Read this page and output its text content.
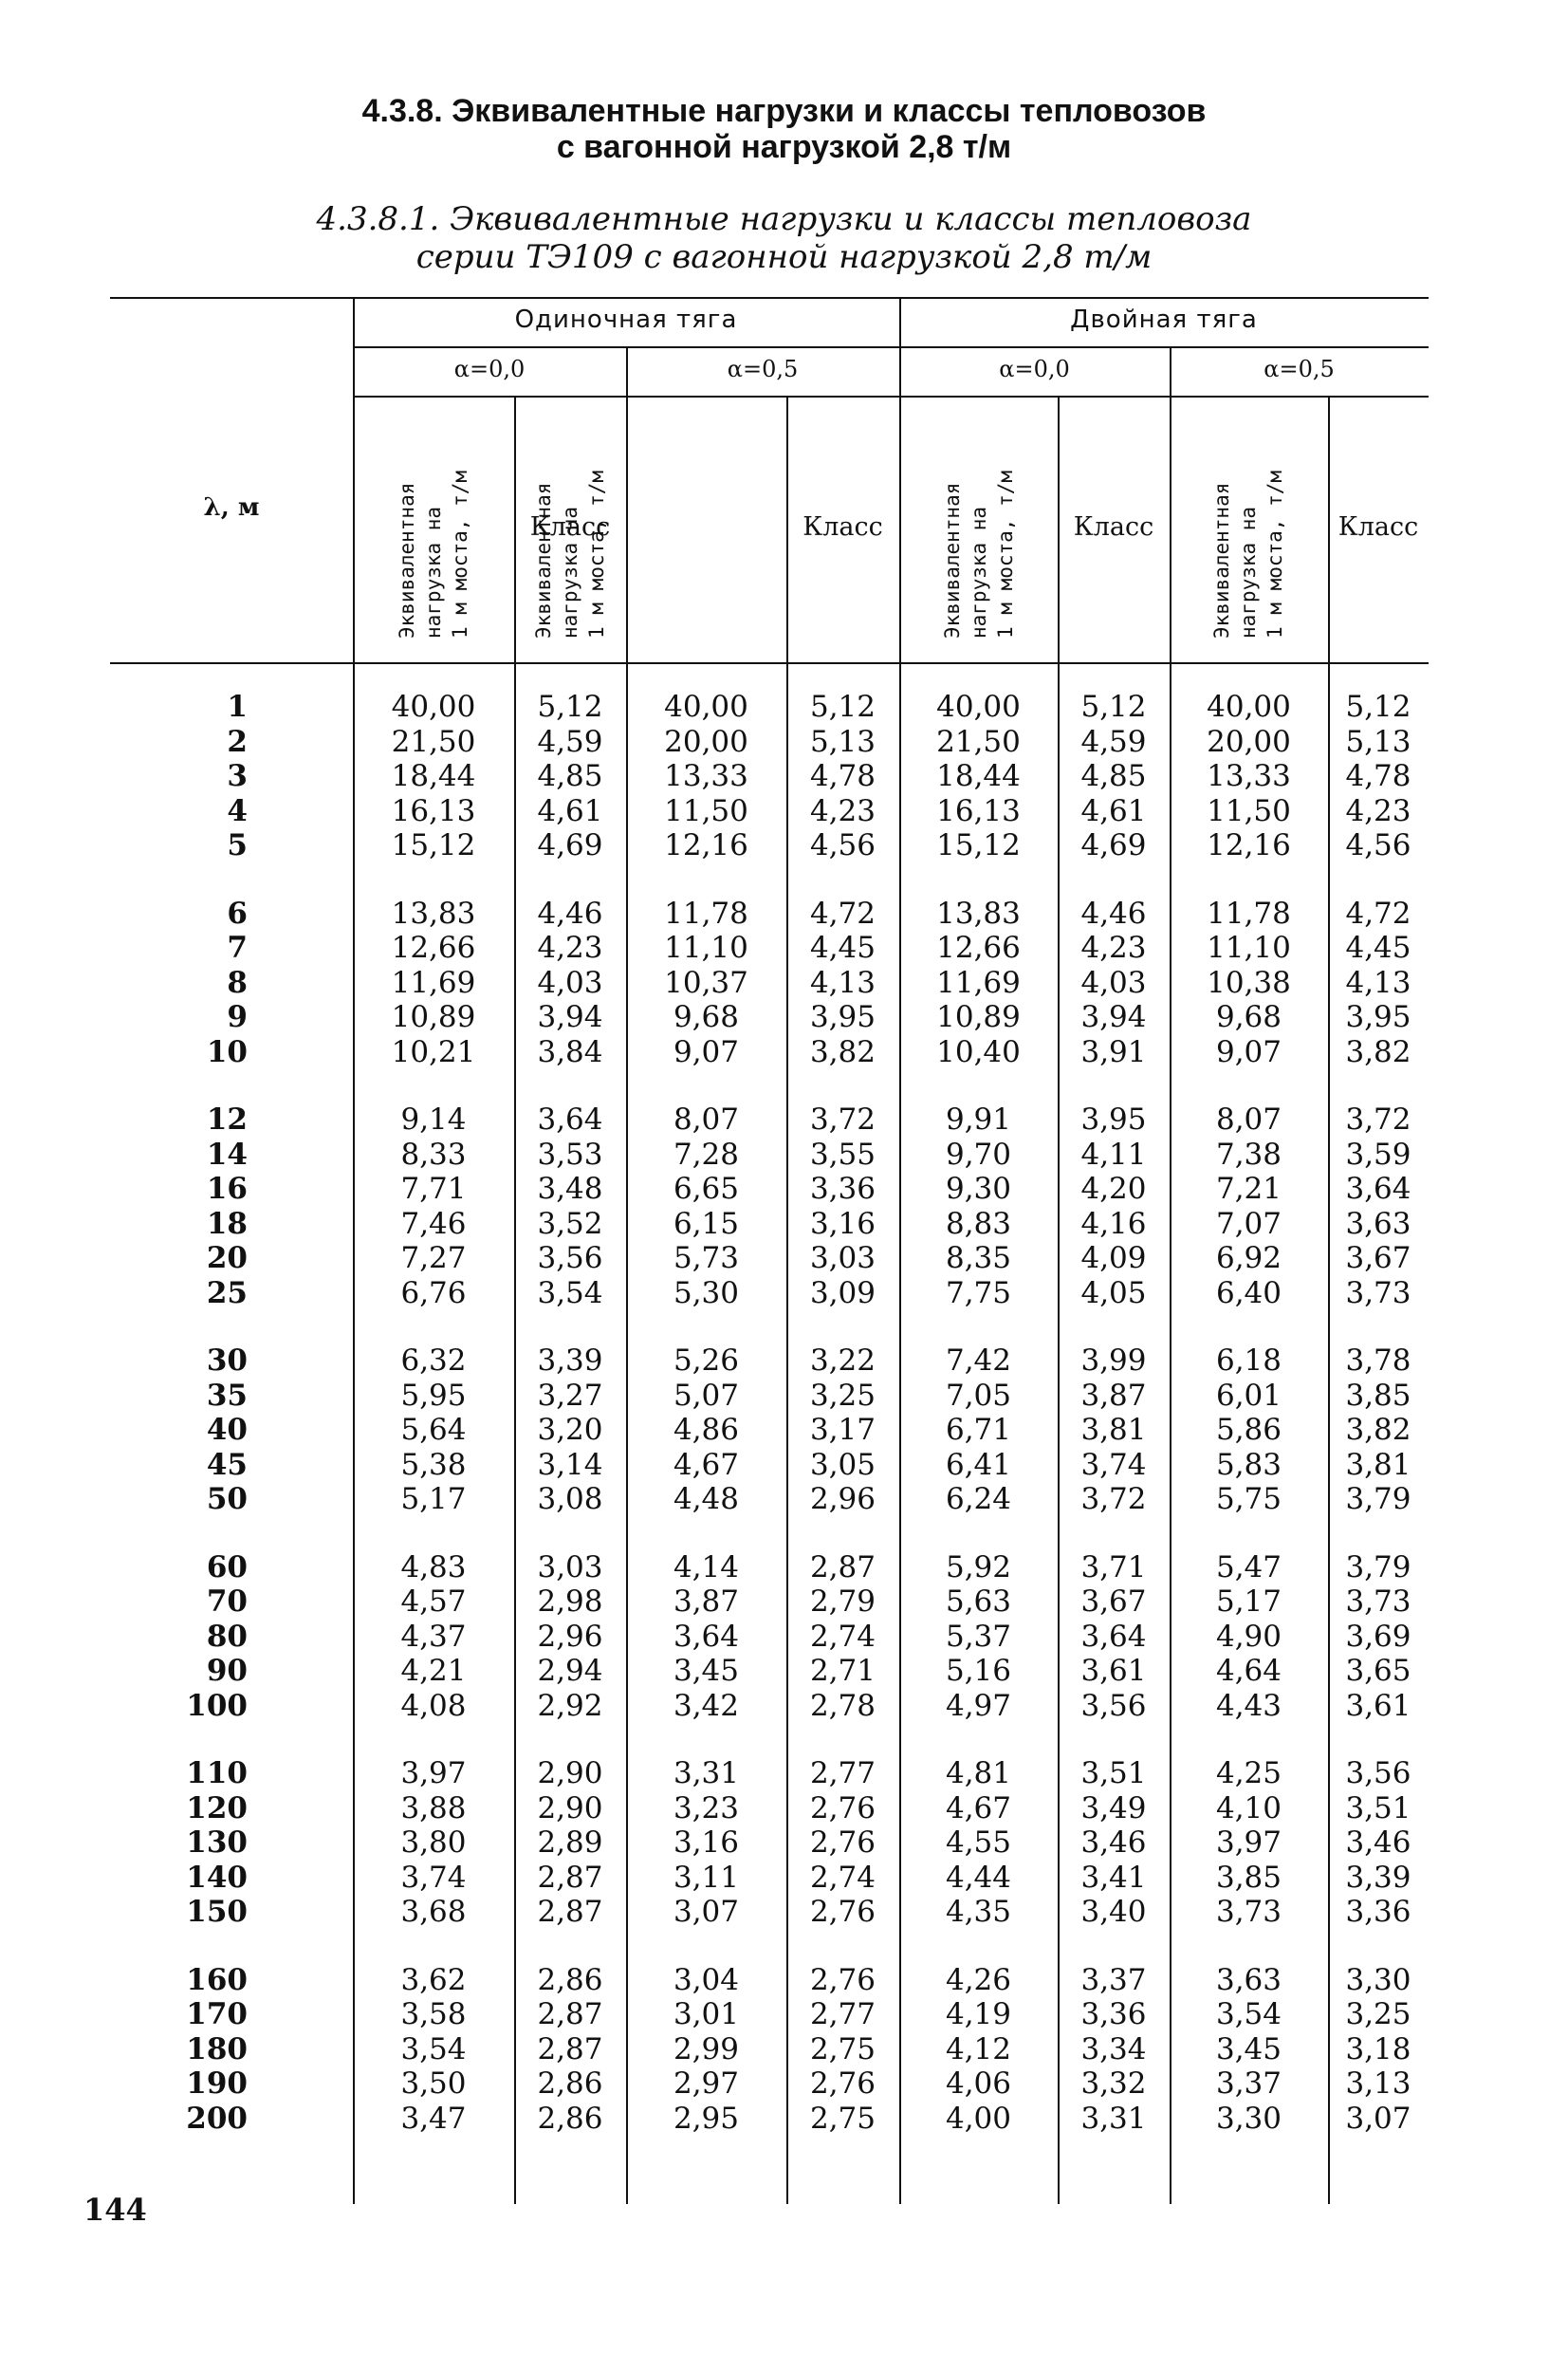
4.3.8. Эквивалентные нагрузки и классы тепловозов
с вагонной нагрузкой 2,8 т/м
4.3.8.1. Эквивалентные нагрузки и классы тепловоза
серии ТЭ109 с вагонной нагрузкой 2,8 т/м
λ, м
Одиночная тяга	Двойная тяга
α=0,0	α=0,5	α=0,0	α=0,5
Эквивалентная нагрузка на 1 м моста, т/м	Эквивалентная нагрузка на 1 м моста, т/м	Эквивалентная нагрузка на 1 м моста, т/м	Эквивалентная нагрузка на 1 м моста, т/м
Класс	Класс	Класс	Класс
1	40,00	5,12	40,00	5,12	40,00	5,12	40,00	5,12
2	21,50	4,59	20,00	5,13	21,50	4,59	20,00	5,13
3	18,44	4,85	13,33	4,78	18,44	4,85	13,33	4,78
4	16,13	4,61	11,50	4,23	16,13	4,61	11,50	4,23
5	15,12	4,69	12,16	4,56	15,12	4,69	12,16	4,56
6	13,83	4,46	11,78	4,72	13,83	4,46	11,78	4,72
7	12,66	4,23	11,10	4,45	12,66	4,23	11,10	4,45
8	11,69	4,03	10,37	4,13	11,69	4,03	10,38	4,13
9	10,89	3,94	9,68	3,95	10,89	3,94	9,68	3,95
10	10,21	3,84	9,07	3,82	10,40	3,91	9,07	3,82
12	9,14	3,64	8,07	3,72	9,91	3,95	8,07	3,72
14	8,33	3,53	7,28	3,55	9,70	4,11	7,38	3,59
16	7,71	3,48	6,65	3,36	9,30	4,20	7,21	3,64
18	7,46	3,52	6,15	3,16	8,83	4,16	7,07	3,63
20	7,27	3,56	5,73	3,03	8,35	4,09	6,92	3,67
25	6,76	3,54	5,30	3,09	7,75	4,05	6,40	3,73
30	6,32	3,39	5,26	3,22	7,42	3,99	6,18	3,78
35	5,95	3,27	5,07	3,25	7,05	3,87	6,01	3,85
40	5,64	3,20	4,86	3,17	6,71	3,81	5,86	3,82
45	5,38	3,14	4,67	3,05	6,41	3,74	5,83	3,81
50	5,17	3,08	4,48	2,96	6,24	3,72	5,75	3,79
60	4,83	3,03	4,14	2,87	5,92	3,71	5,47	3,79
70	4,57	2,98	3,87	2,79	5,63	3,67	5,17	3,73
80	4,37	2,96	3,64	2,74	5,37	3,64	4,90	3,69
90	4,21	2,94	3,45	2,71	5,16	3,61	4,64	3,65
100	4,08	2,92	3,42	2,78	4,97	3,56	4,43	3,61
110	3,97	2,90	3,31	2,77	4,81	3,51	4,25	3,56
120	3,88	2,90	3,23	2,76	4,67	3,49	4,10	3,51
130	3,80	2,89	3,16	2,76	4,55	3,46	3,97	3,46
140	3,74	2,87	3,11	2,74	4,44	3,41	3,85	3,39
150	3,68	2,87	3,07	2,76	4,35	3,40	3,73	3,36
160	3,62	2,86	3,04	2,76	4,26	3,37	3,63	3,30
170	3,58	2,87	3,01	2,77	4,19	3,36	3,54	3,25
180	3,54	2,87	2,99	2,75	4,12	3,34	3,45	3,18
190	3,50	2,86	2,97	2,76	4,06	3,32	3,37	3,13
200	3,47	2,86	2,95	2,75	4,00	3,31	3,30	3,07
144
